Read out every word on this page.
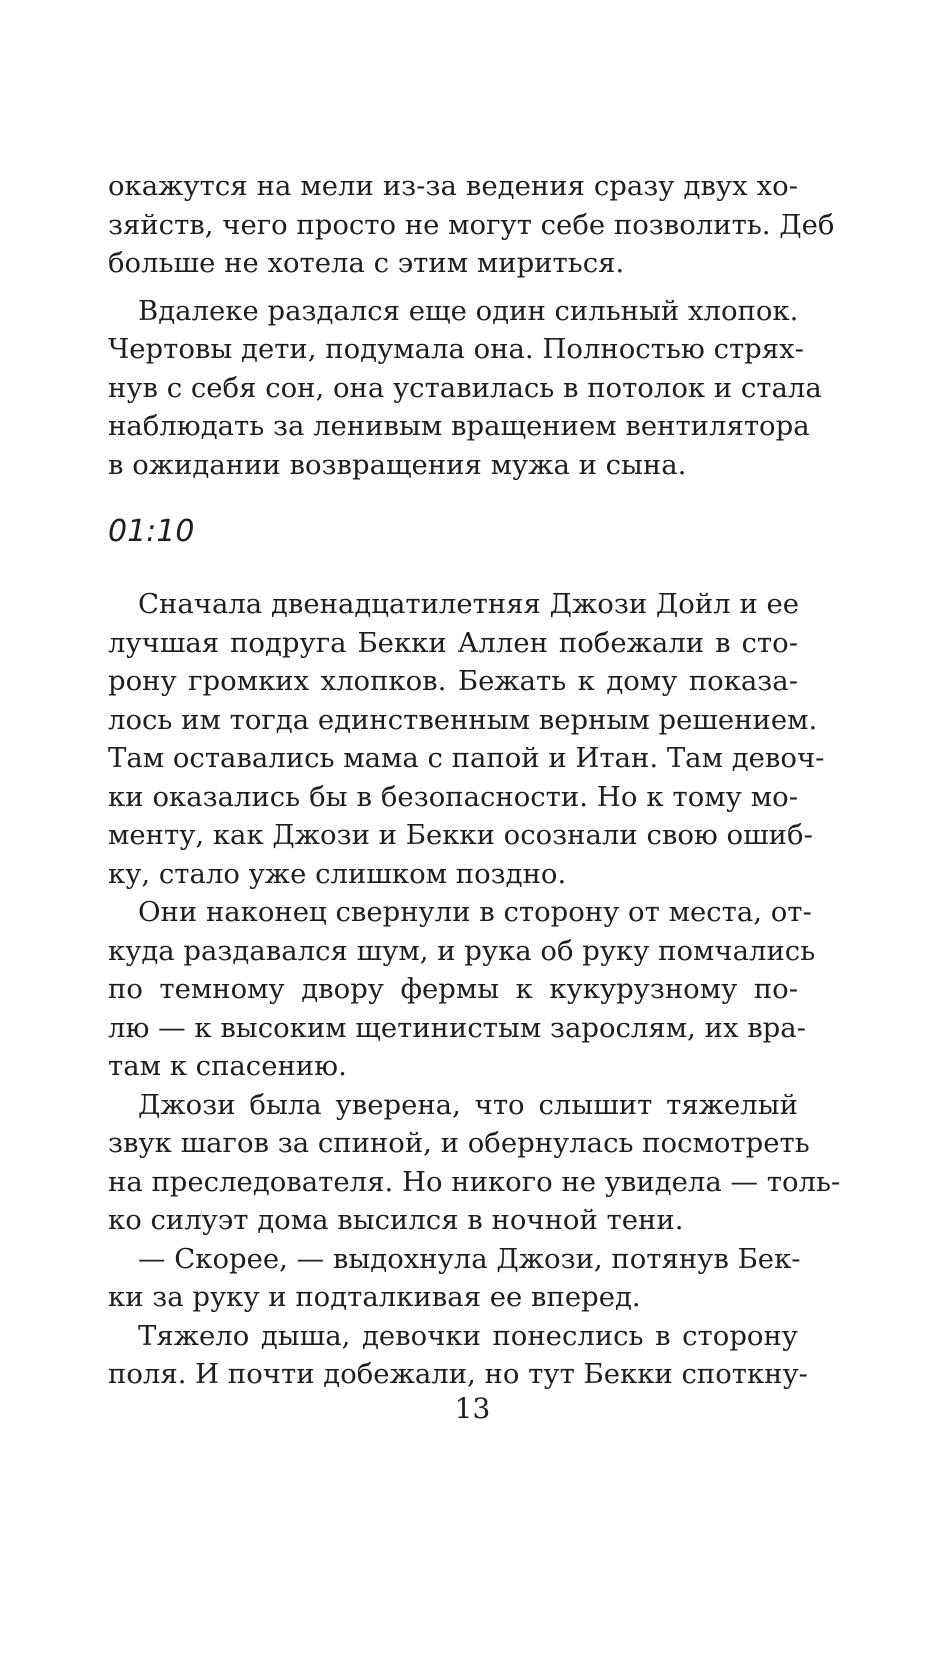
окажутся на мели из-за ведения сразу двух хо-
зяйств, чего просто не могут себе позволить. Деб
больше не хотела с этим мириться.

Вдалеке раздался еще один сильный хлопок.
Чертовы дети, подумала она. Полностью стрях-
нув с себя сон, она уставилась в потолок и стала
наблюдать за ленивым вращением вентилятора
в ожидании возвращения мужа и сына.

01:10

Сначала двенадцатилетняя Джози Дойл и ее
лучшая подруга Бекки Аллен побежали в сто-
рону громких хлопков. Бежать к дому показа-
лось им тогда единственным верным решением.
Там оставались мама с папой и Итан. Там девоч-
ки оказались бы в безопасности. Но к тому мо-
менту, как Джози и Бекки осознали свою ошиб-
ку, стало уже слишком поздно.

Они наконец свернули в сторону от места, от-
куда раздавался шум, и рука об руку помчались
по темному двору фермы к кукурузному по-
лю — к высоким щетинистым зарослям, их вра-
там к спасению.

Джози была уверена, что слышит тяжелый
звук шагов за спиной, и обернулась посмотреть
на преследователя. Но никого не увидела — толь-
ко силуэт дома высился в ночной тени.

— Скорее, — выдохнула Джози, потянув Бек-
ки за руку и подталкивая ее вперед.

Тяжело дыша, девочки понеслись в сторону
поля. И почти добежали, но тут Бекки споткну-

13
